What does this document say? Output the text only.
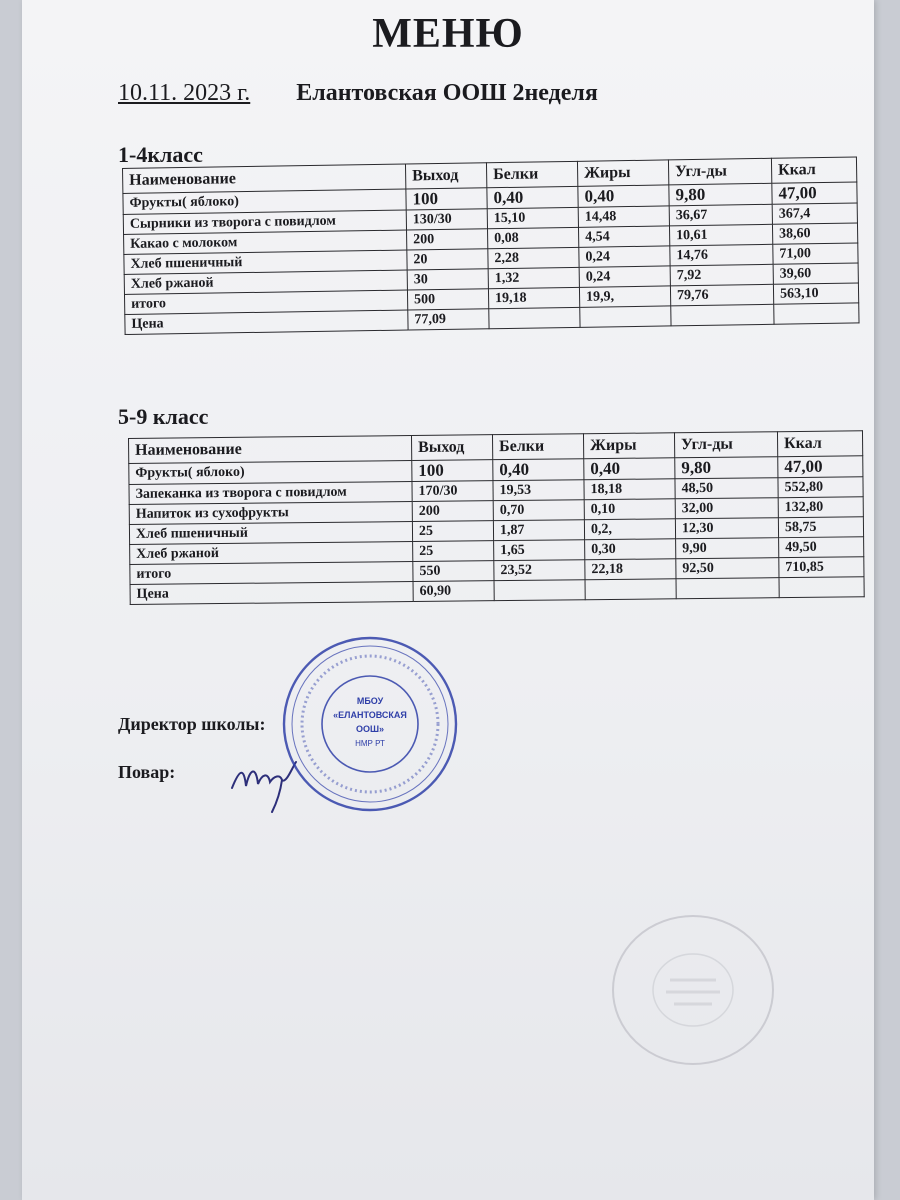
МЕНЮ
10.11. 2023 г. Елантовская ООШ 2неделя
1-4класс
Наименование	Выход	Белки	Жиры	Угл-ды	Ккал
Фрукты( яблоко)	100	0,40	0,40	9,80	47,00
Сырники из творога с повидлом	130/30	15,10	14,48	36,67	367,4
Какао с молоком	200	0,08	4,54	10,61	38,60
Хлеб пшеничный	20	2,28	0,24	14,76	71,00
Хлеб ржаной	30	1,32	0,24	7,92	39,60
итого	500	19,18	19,9,	79,76	563,10
Цена	77,09				
5-9 класс
Наименование	Выход	Белки	Жиры	Угл-ды	Ккал
Фрукты( яблоко)	100	0,40	0,40	9,80	47,00
Запеканка из творога с повидлом	170/30	19,53	18,18	48,50	552,80
Напиток из сухофрукты	200	0,70	0,10	32,00	132,80
Хлеб пшеничный	25	1,87	0,2,	12,30	58,75
Хлеб ржаной	25	1,65	0,30	9,90	49,50
итого	550	23,52	22,18	92,50	710,85
Цена	60,90				
Директор школы:
Повар:
МБОУ
«ЕЛАНТОВСКАЯ
ООШ»
НМР РТ
